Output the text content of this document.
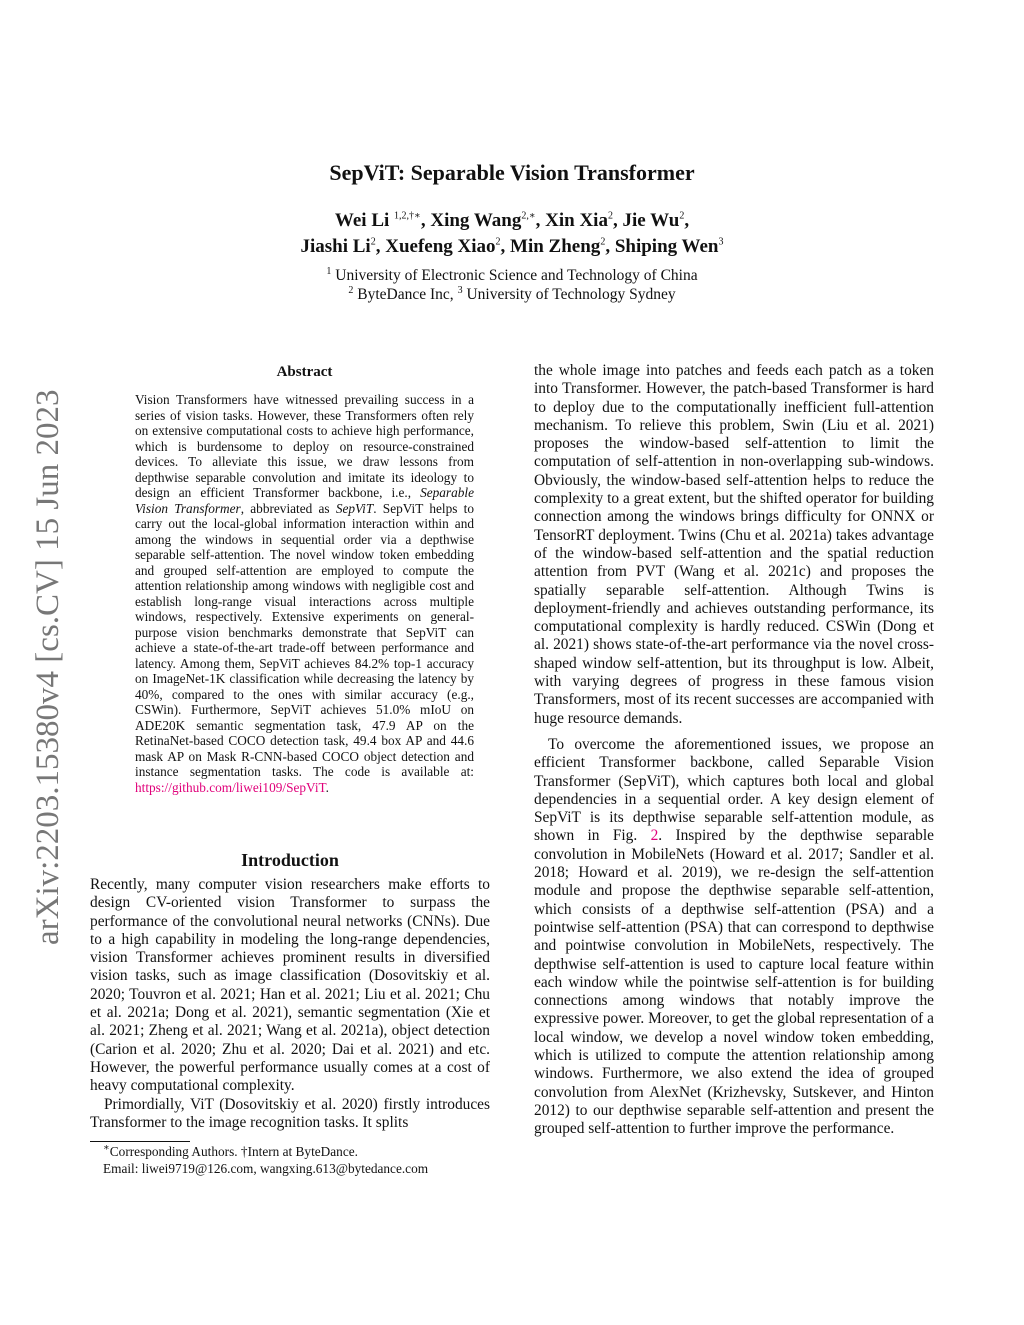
arXiv:2203.15380v4 [cs.CV] 15 Jun 2023
SepViT: Separable Vision Transformer
Wei Li $^{1,2,\dagger∗}$, Xing Wang$^{2,∗}$, Xin Xia$^2$, Jie Wu$^2$,
Jiashi Li$^2$, Xuefeng Xiao$^2$, Min Zheng$^2$, Shiping Wen$^3$
$^1$ University of Electronic Science and Technology of China
$^2$ ByteDance Inc, $^3$ University of Technology Sydney
Abstract
Vision Transformers have witnessed prevailing success in a series of vision tasks. However, these Transformers often rely on extensive computational costs to achieve high performance, which is burdensome to deploy on resource-constrained devices. To alleviate this issue, we draw lessons from depthwise separable convolution and imitate its ideology to design an efficient Transformer backbone, i.e., Separable Vision Transformer, abbreviated as SepViT. SepViT helps to carry out the local-global information interaction within and among the windows in sequential order via a depthwise separable self-attention. The novel window token embedding and grouped self-attention are employed to compute the attention relationship among windows with negligible cost and establish long-range visual interactions across multiple windows, respectively. Extensive experiments on general-purpose vision benchmarks demonstrate that SepViT can achieve a state-of-the-art trade-off between performance and latency. Among them, SepViT achieves 84.2% top-1 accuracy on ImageNet-1K classification while decreasing the latency by 40%, compared to the ones with similar accuracy (e.g., CSWin). Furthermore, SepViT achieves 51.0% mIoU on ADE20K semantic segmentation task, 47.9 AP on the RetinaNet-based COCO detection task, 49.4 box AP and 44.6 mask AP on Mask R-CNN-based COCO object detection and instance segmentation tasks. The code is available at: https://github.com/liwei109/SepViT.
Introduction

Recently, many computer vision researchers make efforts to design CV-oriented vision Transformer to surpass the performance of the convolutional neural networks (CNNs). Due to a high capability in modeling the long-range dependencies, vision Transformer achieves prominent results in diversified vision tasks, such as image classification (Dosovitskiy et al. 2020; Touvron et al. 2021; Han et al. 2021; Liu et al. 2021; Chu et al. 2021a; Dong et al. 2021), semantic segmentation (Xie et al. 2021; Zheng et al. 2021; Wang et al. 2021a), object detection (Carion et al. 2020; Zhu et al. 2020; Dai et al. 2021) and etc. However, the powerful performance usually comes at a cost of heavy computational complexity.

Primordially, ViT (Dosovitskiy et al. 2020) firstly introduces Transformer to the image recognition tasks. It splits

the whole image into patches and feeds each patch as a token into Transformer. However, the patch-based Transformer is hard to deploy due to the computationally inefficient full-attention mechanism. To relieve this problem, Swin (Liu et al. 2021) proposes the window-based self-attention to limit the computation of self-attention in non-overlapping sub-windows. Obviously, the window-based self-attention helps to reduce the complexity to a great extent, but the shifted operator for building connection among the windows brings difficulty for ONNX or TensorRT deployment. Twins (Chu et al. 2021a) takes advantage of the window-based self-attention and the spatial reduction attention from PVT (Wang et al. 2021c) and proposes the spatially separable self-attention. Although Twins is deployment-friendly and achieves outstanding performance, its computational complexity is hardly reduced. CSWin (Dong et al. 2021) shows state-of-the-art performance via the novel cross-shaped window self-attention, but its throughput is low. Albeit, with varying degrees of progress in these famous vision Transformers, most of its recent successes are accompanied with huge resource demands.

To overcome the aforementioned issues, we propose an efficient Transformer backbone, called Separable Vision Transformer (SepViT), which captures both local and global dependencies in a sequential order. A key design element of SepViT is its depthwise separable self-attention module, as shown in Fig. 2. Inspired by the depthwise separable convolution in MobileNets (Howard et al. 2017; Sandler et al. 2018; Howard et al. 2019), we re-design the self-attention module and propose the depthwise separable self-attention, which consists of a depthwise self-attention (PSA) and a pointwise self-attention (PSA) that can correspond to depthwise and pointwise convolution in MobileNets, respectively. The depthwise self-attention is used to capture local feature within each window while the pointwise self-attention is for building connections among windows that notably improve the expressive power. Moreover, to get the global representation of a local window, we develop a novel window token embedding, which is utilized to compute the attention relationship among windows. Furthermore, we also extend the idea of grouped convolution from AlexNet (Krizhevsky, Sutskever, and Hinton 2012) to our depthwise separable self-attention and present the grouped self-attention to further improve the performance.

∗Corresponding Authors. †Intern at ByteDance.
Email: liwei9719@126.com, wangxing.613@bytedance.com
